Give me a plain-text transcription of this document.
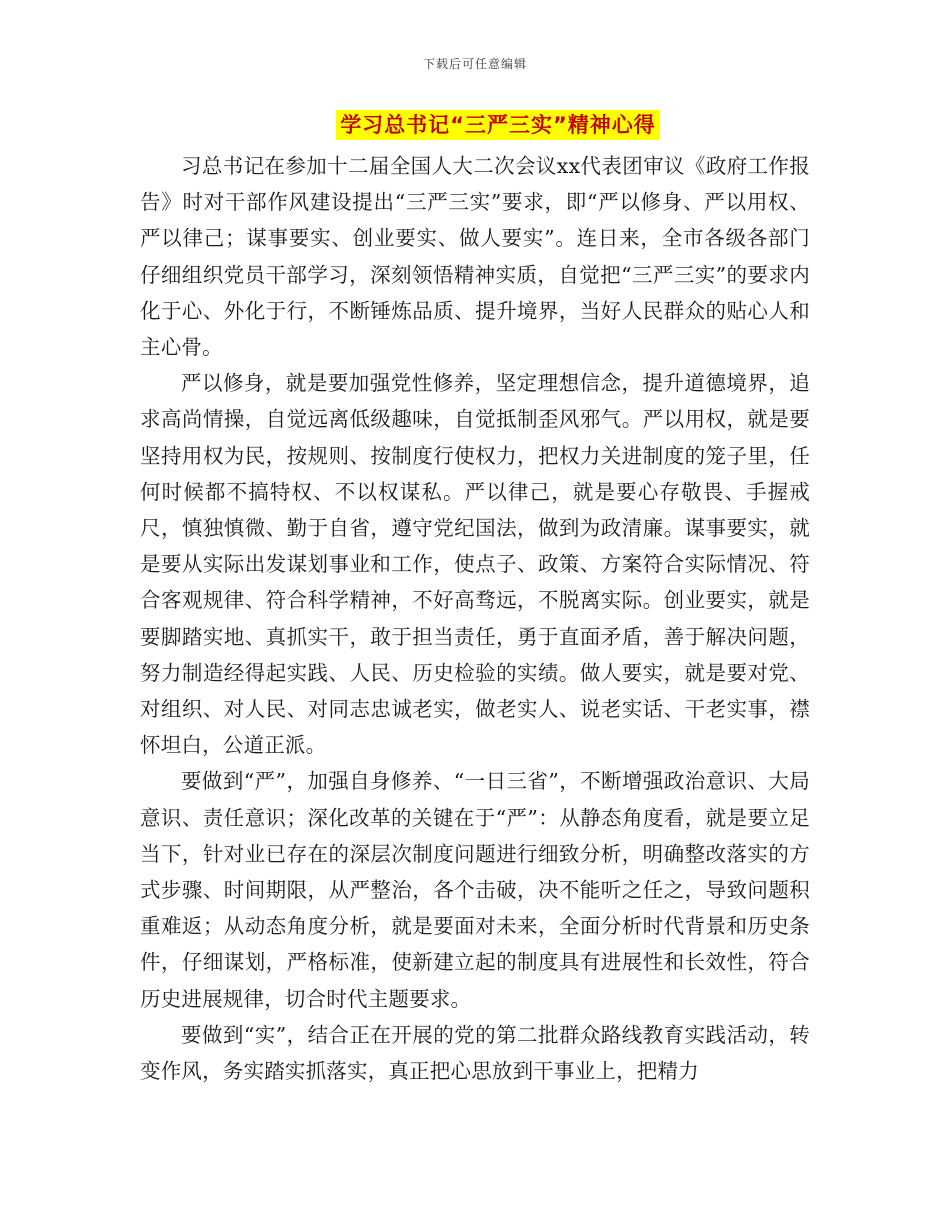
下载后可任意编辑
学习总书记“三严三实”精神心得

习总书记在参加十二届全国人大二次会议xx代表团审议《政府工作报告》时对干部作风建设提出“三严三实”要求，即“严以修身、严以用权、严以律己；谋事要实、创业要实、做人要实”。连日来，全市各级各部门仔细组织党员干部学习，深刻领悟精神实质，自觉把“三严三实”的要求内化于心、外化于行，不断锤炼品质、提升境界，当好人民群众的贴心人和主心骨。

严以修身，就是要加强党性修养，坚定理想信念，提升道德境界，追求高尚情操，自觉远离低级趣味，自觉抵制歪风邪气。严以用权，就是要坚持用权为民，按规则、按制度行使权力，把权力关进制度的笼子里，任何时候都不搞特权、不以权谋私。严以律己，就是要心存敬畏、手握戒尺，慎独慎微、勤于自省，遵守党纪国法，做到为政清廉。谋事要实，就是要从实际出发谋划事业和工作，使点子、政策、方案符合实际情况、符合客观规律、符合科学精神，不好高骛远，不脱离实际。创业要实，就是要脚踏实地、真抓实干，敢于担当责任，勇于直面矛盾，善于解决问题，努力制造经得起实践、人民、历史检验的实绩。做人要实，就是要对党、对组织、对人民、对同志忠诚老实，做老实人、说老实话、干老实事，襟怀坦白，公道正派。

要做到“严”，加强自身修养、“一日三省”，不断增强政治意识、大局意识、责任意识；深化改革的关键在于“严”：从静态角度看，就是要立足当下，针对业已存在的深层次制度问题进行细致分析，明确整改落实的方式步骤、时间期限，从严整治，各个击破，决不能听之任之，导致问题积重难返；从动态角度分析，就是要面对未来，全面分析时代背景和历史条件，仔细谋划，严格标准，使新建立起的制度具有进展性和长效性，符合历史进展规律，切合时代主题要求。

要做到“实”，结合正在开展的党的第二批群众路线教育实践活动，转变作风，务实踏实抓落实，真正把心思放到干事业上，把精力
